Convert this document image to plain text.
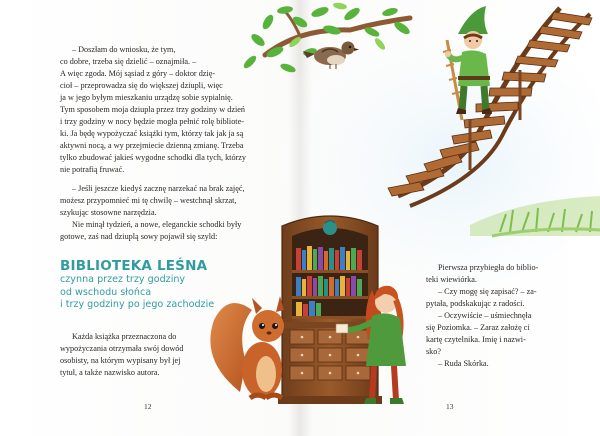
– Doszłam do wniosku, że tym,

co dobre, trzeba się dzielić – oznajmiła. –

A więc zgoda. Mój sąsiad z góry – doktor dzię-

cioł – przeprowadza się do większej dziupli, więc

ja w jego byłym mieszkaniu urządzę sobie sypialnię.

Tym sposobem moja dziupla przez trzy godziny w dzień

i trzy godziny w nocy będzie mogła pełnić rolę bibliote-

ki. Ja będę wypożyczać książki tym, którzy tak jak ja są

aktywni nocą, a wy przejmiecie dzienną zmianę. Trzeba

tylko zbudować jakieś wygodne schodki dla tych, którzy

nie potrafią fruwać.

– Jeśli jeszcze kiedyś zacznę narzekać na brak zajęć,

możesz przypomnieć mi tę chwilę – westchnął skrzat,

szykując stosowne narzędzia.

Nie minął tydzień, a nowe, eleganckie schodki były

gotowe, zaś nad dziuplą sowy pojawił się szyld:

BIBLIOTEKA LEŚNA
czynna przez trzy godziny
od wschodu słońca
i trzy godziny po jego zachodzie

Każda książka przeznaczona do

wypożyczania otrzymała swój dowód

osobisty, na którym wypisany był jej

tytuł, a także nazwisko autora.

Pierwsza przybiegła do biblio-

teki wiewiórka.

– Czy mogę się zapisać? – za-

pytała, podskakując z radości.

– Oczywiście – uśmiechnęła

się Poziomka. – Zaraz założę ci

kartę czytelnika. Imię i nazwi-

sko?

– Ruda Skórka.

12	13
